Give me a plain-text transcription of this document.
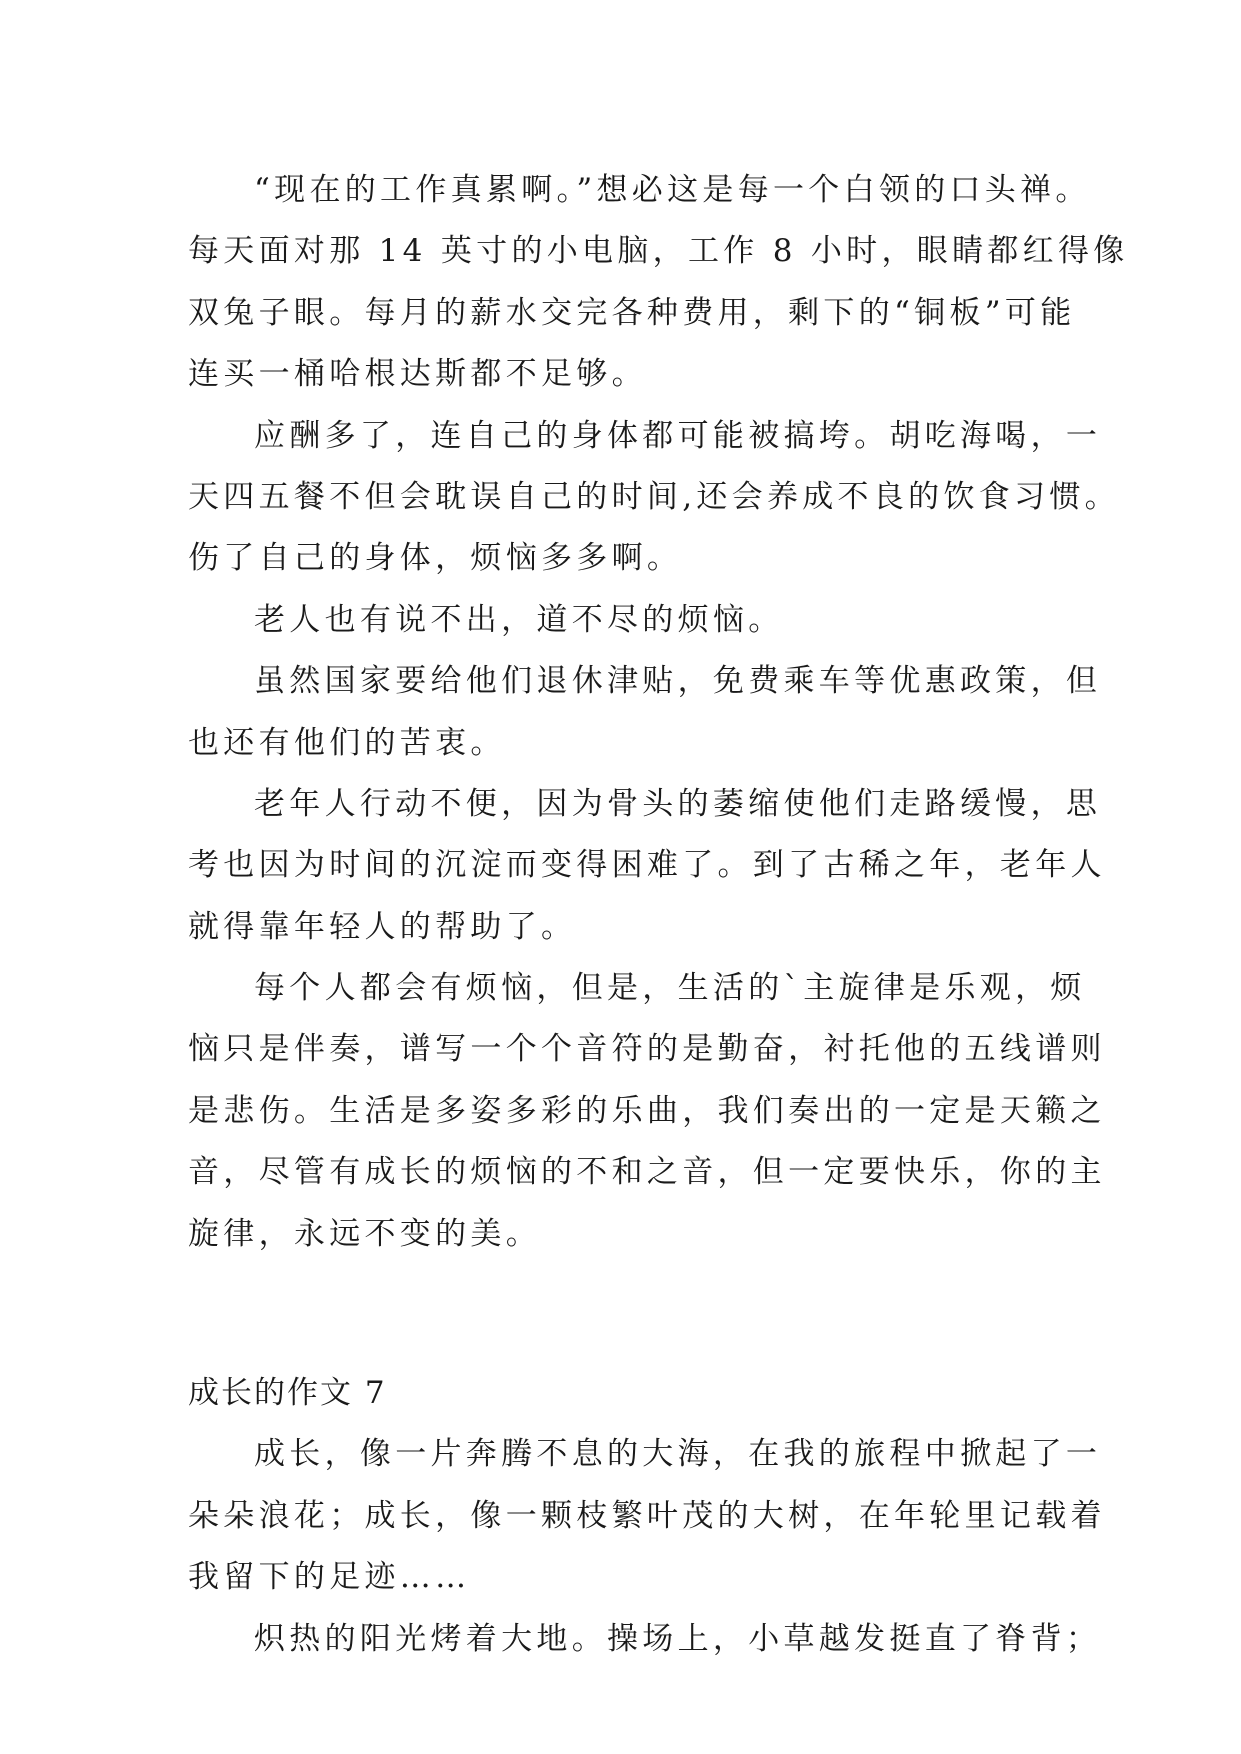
“现在的工作真累啊。”想必这是每一个白领的口头禅。
每天面对那 14 英寸的小电脑，工作 8 小时，眼睛都红得像
双兔子眼。每月的薪水交完各种费用，剩下的“铜板”可能
连买一桶哈根达斯都不足够。
应酬多了，连自己的身体都可能被搞垮。胡吃海喝，一
天四五餐不但会耽误自己的时间,还会养成不良的饮食习惯。
伤了自己的身体，烦恼多多啊。
老人也有说不出，道不尽的烦恼。
虽然国家要给他们退休津贴，免费乘车等优惠政策，但
也还有他们的苦衷。
老年人行动不便，因为骨头的萎缩使他们走路缓慢，思
考也因为时间的沉淀而变得困难了。到了古稀之年，老年人
就得靠年轻人的帮助了。
每个人都会有烦恼，但是，生活的`主旋律是乐观，烦
恼只是伴奏，谱写一个个音符的是勤奋，衬托他的五线谱则
是悲伤。生活是多姿多彩的乐曲，我们奏出的一定是天籁之
音，尽管有成长的烦恼的不和之音，但一定要快乐，你的主
旋律，永远不变的美。
成长的作文 7
成长，像一片奔腾不息的大海，在我的旅程中掀起了一
朵朵浪花；成长，像一颗枝繁叶茂的大树，在年轮里记载着
我留下的足迹……
炽热的阳光烤着大地。操场上，小草越发挺直了脊背；
